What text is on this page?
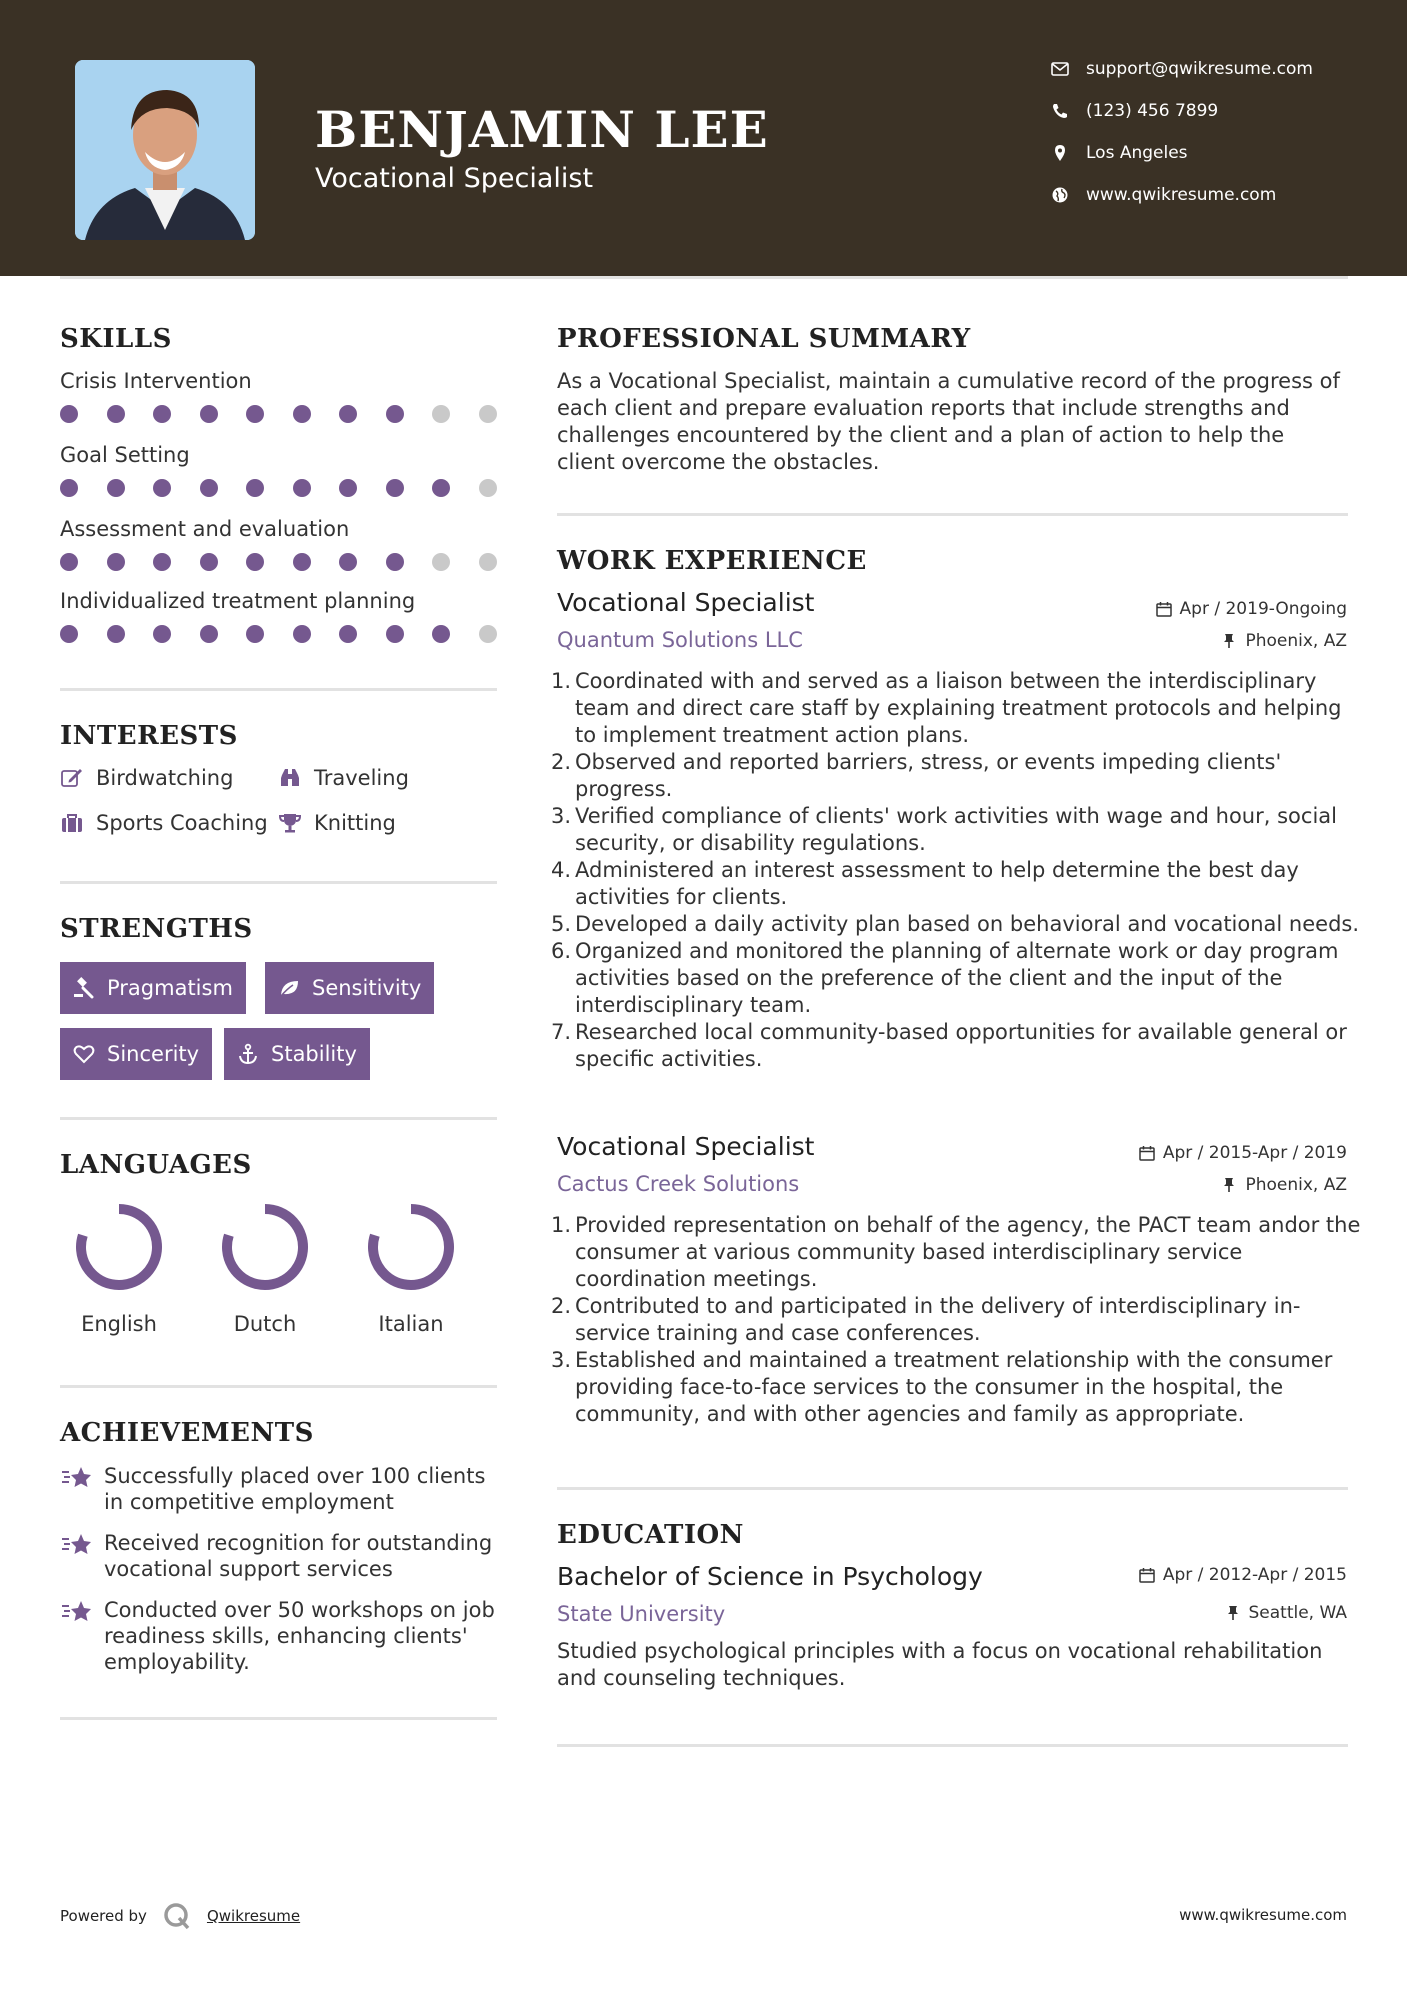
BENJAMIN LEE
Vocational Specialist
support@qwikresume.com
(123) 456 7899
Los Angeles
www.qwikresume.com
SKILLS
Crisis Intervention
Goal Setting
Assessment and evaluation
Individualized treatment planning
INTERESTS
Birdwatching	Traveling
Sports Coaching Knitting
STRENGTHS
Pragmatism	Sensitivity
Sincerity	Stability
LANGUAGES
English	Dutch	Italian
ACHIEVEMENTS
Successfully placed over 100 clients in competitive employment
Received recognition for outstanding vocational support services
Conducted over 50 workshops on job readiness skills, enhancing clients' employability.
PROFESSIONAL SUMMARY
As a Vocational Specialist, maintain a cumulative record of the progress of each client and prepare evaluation reports that include strengths and challenges encountered by the client and a plan of action to help the client overcome the obstacles.
WORK EXPERIENCE
Vocational Specialist
Quantum Solutions LLC
Apr / 2019-Ongoing
Phoenix, AZ
Coordinated with and served as a liaison between the interdisciplinary team and direct care staff by explaining treatment protocols and helping to implement treatment action plans.
Observed and reported barriers, stress, or events impeding clients' progress.
Verified compliance of clients' work activities with wage and hour, social security, or disability regulations.
Administered an interest assessment to help determine the best day activities for clients.
Developed a daily activity plan based on behavioral and vocational needs.
Organized and monitored the planning of alternate work or day program activities based on the preference of the client and the input of the interdisciplinary team.
Researched local community-based opportunities for available general or specific activities.
Vocational Specialist
Cactus Creek Solutions
Apr / 2015-Apr / 2019
Phoenix, AZ
Provided representation on behalf of the agency, the PACT team andor the consumer at various community based interdisciplinary service coordination meetings.
Contributed to and participated in the delivery of interdisciplinary in-service training and case conferences.
Established and maintained a treatment relationship with the consumer providing face-to-face services to the consumer in the hospital, the community, and with other agencies and family as appropriate.
EDUCATION
Bachelor of Science in Psychology
State University
Apr / 2012-Apr / 2015
Seattle, WA
Studied psychological principles with a focus on vocational rehabilitation and counseling techniques.
Powered by	Qwikresume	www.qwikresume.com
